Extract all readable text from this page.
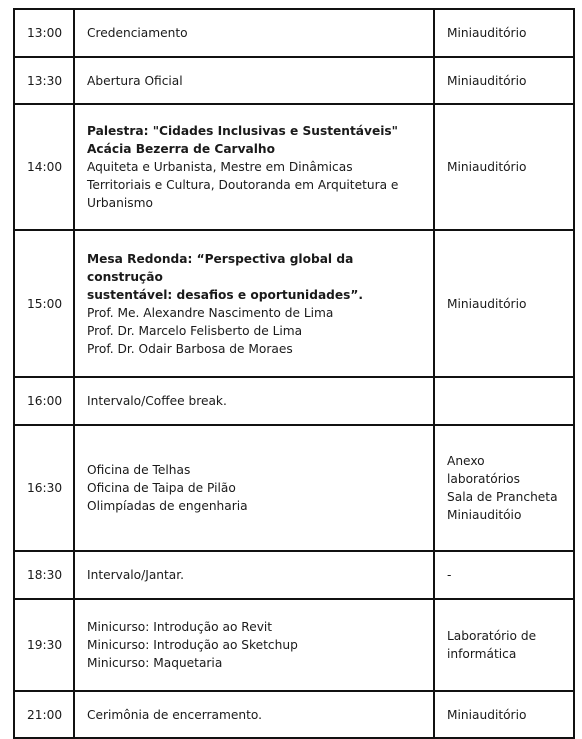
13:00	Credenciamento	Miniauditório

13:30	Abertura Oficial	Miniauditório

14:00	Palestra: "Cidades Inclusivas e Sustentáveis"
Acácia Bezerra de Carvalho
Aquiteta e Urbanista, Mestre em Dinâmicas
Territoriais e Cultura, Doutoranda em Arquitetura e
Urbanismo	Miniauditório

15:00	Mesa Redonda: “Perspectiva global da construção
sustentável: desafios e oportunidades”.
Prof. Me. Alexandre Nascimento de Lima
Prof. Dr. Marcelo Felisberto de Lima
Prof. Dr. Odair Barbosa de Moraes	Miniauditório

16:00	Intervalo/Coffee break.	

16:30	Oficina de Telhas
Oficina de Taipa de Pilão
Olimpíadas de engenharia	Anexo laboratórios
Sala de Prancheta
Miniauditóio

18:30	Intervalo/Jantar.	-

19:30	Minicurso: Introdução ao Revit
Minicurso: Introdução ao Sketchup
Minicurso: Maquetaria	Laboratório de
informática

21:00	Cerimônia de encerramento.	Miniauditório
